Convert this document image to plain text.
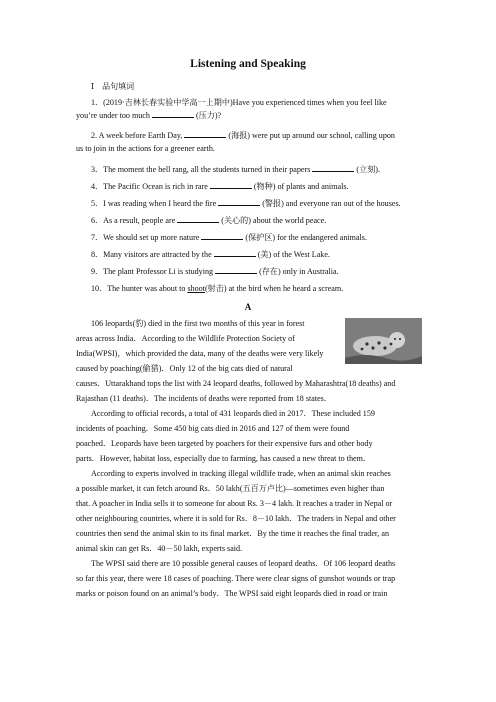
Listening and Speaking
Ⅰ　品句填词
1．(2019·吉林长春实验中学高一上期中)Have you experienced times when you feel like
you’re under too much	(压力)?
2. A week before Earth Day,	(海报) were put up around our school, calling upon
us to join in the actions for a greener earth.
3．The moment the bell rang, all the students turned in their papers	(立刻).
4．The Pacific Ocean is rich in rare	(物种) of plants and animals.
5．I was reading when I heard the fire	(警报) and everyone ran out of the houses.
6．As a result, people are	(关心的) about the world peace.
7．We should set up more nature	(保护区) for the endangered animals.
8．Many visitors are attracted by the	(美) of the West Lake.
9．The plant Professor Li is studying	(存在) only in Australia.
10．The hunter was about to shoot(射击) at the bird when he heard a scream.
A
106 leopards(豹) died in the first two months of this year in forest
areas across India．According to the Wildlife Protection Society of
India(WPSI)，which provided the data, many of the deaths were very likely
caused by poaching(偷猎)．Only 12 of the big cats died of natural
causes．Uttarakhand tops the list with 24 leopard deaths, followed by Maharashtra(18 deaths) and
Rajasthan (11 deaths)．The incidents of deaths were reported from 18 states．
According to official records, a total of 431 leopards died in 2017．These included 159
incidents of poaching．Some 450 big cats died in 2016 and 127 of them were found
poached．Leopards have been targeted by poachers for their expensive furs and other body
parts．However, habitat loss, especially due to farming, has caused a new threat to them．
According to experts involved in tracking illegal wildlife trade, when an animal skin reaches
a possible market, it can fetch around Rs．50 lakh(五百万卢比)—sometimes even higher than
that. A poacher in India sells it to someone for about Rs. 3－4 lakh. It reaches a trader in Nepal or
other neighbouring countries, where it is sold for Rs．8－10 lakh．The traders in Nepal and other
countries then send the animal skin to its final market．By the time it reaches the final trader, an
animal skin can get Rs．40－50 lakh, experts said.
The WPSI said there are 10 possible general causes of leopard deaths．Of 106 leopard deaths
so far this year, there were 18 cases of poaching. There were clear signs of gunshot wounds or trap
marks or poison found on an animal’s body．The WPSI said eight leopards died in road or train
